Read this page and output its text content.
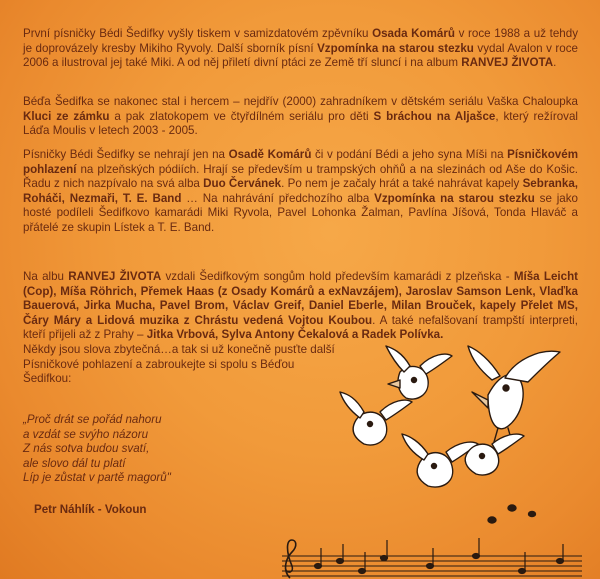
První písničky Bédi Šedifky vyšly tiskem v samizdatovém zpěvníku Osada Komárů v roce 1988 a už tehdy je doprovázely kresby Mikiho Ryvoly. Další sborník písní Vzpomínka na starou stezku vydal Avalon v roce 2006 a ilustroval jej také Miki. A od něj přiletí divní ptáci ze Země tří sluncí i na album RANVEJ ŽIVOTA.

Béďa Šedifka se nakonec stal i hercem – nejdřív (2000) zahradníkem v dětském seriálu Vaška Chaloupka Kluci ze zámku a pak zlatokopem ve čtyřdílném seriálu pro děti S bráchou na Aljašce, který režíroval Láďa Moulis v letech 2003 - 2005.

Písničky Bédi Šedifky se nehrají jen na Osadě Komárů či v podání Bédi a jeho syna Míši na Písničkovém pohlazení na plzeňských pódiích. Hrají se především u trampských ohňů a na slezinách od Aše do Košic. Řadu z nich nazpívalo na svá alba Duo Červánek. Po nem je začaly hrát a také nahrávat kapely Sebranka, Roháči, Nezmaři, T. E. Band … Na nahrávání předchozího alba Vzpomínka na starou stezku se jako hosté podíleli Šedifkovo kamarádi Miki Ryvola, Pavel Lohonka Žalman, Pavlína Jíšová, Tonda Hlaváč a přátelé ze skupin Lístek a T. E. Band.

Na albu RANVEJ ŽIVOTA vzdali Šedifkovým songům hold především kamarádi z plzeňska - Míša Leicht (Cop), Míša Röhrich, Přemek Haas (z Osady Komárů a exNavzájem), Jaroslav Samson Lenk, Vlaďka Bauerová, Jirka Mucha, Pavel Brom, Václav Greif, Daniel Eberle, Milan Brouček, kapely Přelet MS, Čáry Máry a Lidová muzika z Chrástu vedená Vojtou Koubou. A také nefalšovaní trampští interpreti, kteří přijeli až z Prahy – Jitka Vrbová, Sylva Antony Čekalová a Radek Polívka.
Někdy jsou slova zbytečná…a tak si už konečně pusťte další
Písničkové pohlazení a zabroukejte si spolu s Béďou
Šedifkou:

„Proč drát se pořád nahoru
a vzdát se svýho názoru
Z nás sotva budou svatí,
ale slovo dál tu platí
Líp je zůstat v partě magorů"

Petr Náhlík - Vokoun
